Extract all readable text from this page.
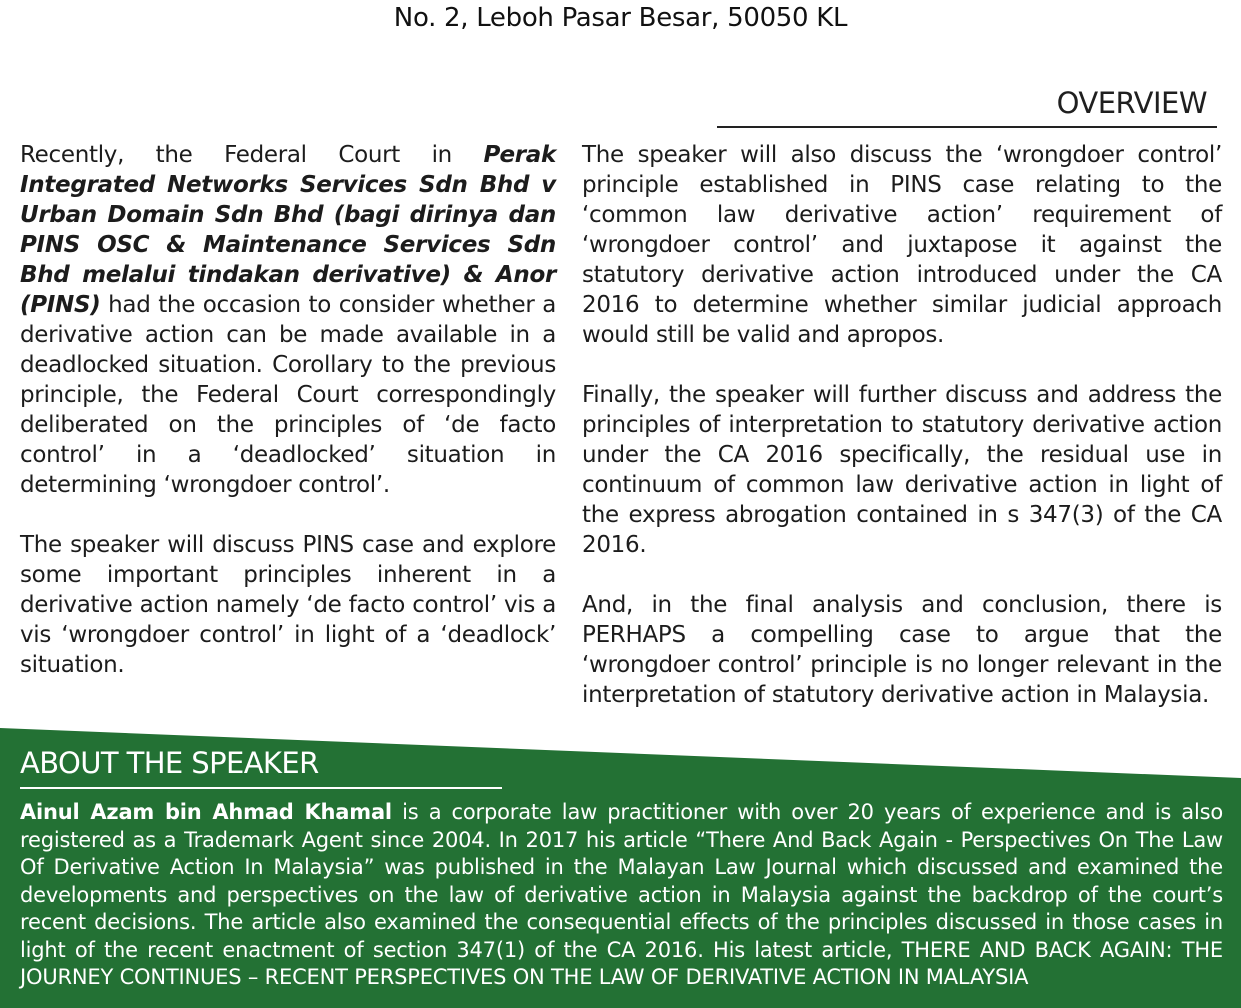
No. 2, Leboh Pasar Besar, 50050 KL
OVERVIEW

Recently, the Federal Court in Perak Integrated Networks Services Sdn Bhd v Urban Domain Sdn Bhd (bagi dirinya dan PINS OSC & Maintenance Services Sdn Bhd melalui tindakan derivative) & Anor (PINS) had the occasion to consider whether a derivative action can be made available in a deadlocked situation. Corollary to the previous principle, the Federal Court correspondingly deliberated on the principles of ‘de facto control’ in a ‘deadlocked’ situation in determining ‘wrongdoer control’.

The speaker will discuss PINS case and explore some important principles inherent in a derivative action namely ‘de facto control’ vis a vis ‘wrongdoer control’ in light of a ‘deadlock’ situation.

The speaker will also discuss the ‘wrongdoer control’ principle established in PINS case relating to the ‘common law derivative action’ requirement of ‘wrongdoer control’ and juxtapose it against the statutory derivative action introduced under the CA 2016 to determine whether similar judicial approach would still be valid and apropos.

Finally, the speaker will further discuss and address the principles of interpretation to statutory derivative action under the CA 2016 specifically, the residual use in continuum of common law derivative action in light of the express abrogation contained in s 347(3) of the CA 2016.

And, in the final analysis and conclusion, there is PERHAPS a compelling case to argue that the ‘wrongdoer control’ principle is no longer relevant in the interpretation of statutory derivative action in Malaysia.

ABOUT THE SPEAKER

Ainul Azam bin Ahmad Khamal is a corporate law practitioner with over 20 years of experience and is also registered as a Trademark Agent since 2004. In 2017 his article “There And Back Again - Perspectives On The Law Of Derivative Action In Malaysia” was published in the Malayan Law Journal which discussed and examined the developments and perspectives on the law of derivative action in Malaysia against the backdrop of the court’s recent decisions. The article also examined the consequential effects of the principles discussed in those cases in light of the recent enactment of section 347(1) of the CA 2016. His latest article, THERE AND BACK AGAIN: THE JOURNEY CONTINUES – RECENT PERSPECTIVES ON THE LAW OF DERIVATIVE ACTION IN MALAYSIA
